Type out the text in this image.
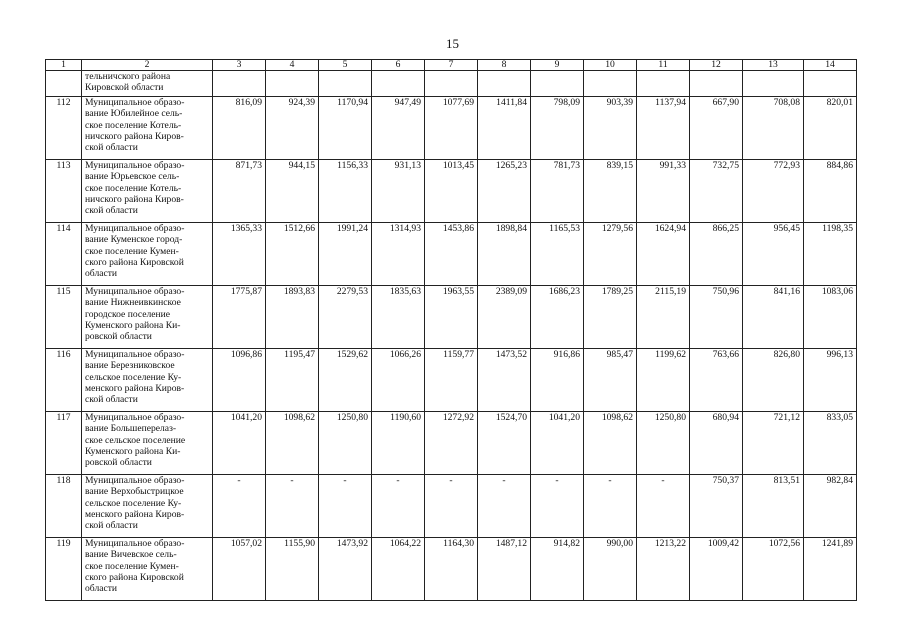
15
1	2	3	4	5	6	7	8	9	10	11	12	13	14

	тельничского района
Кировской области												

112	Муниципальное образо-
вание Юбилейное сель-
ское поселение Котель-
ничского района Киров-
ской области	816,09	924,39	1170,94	947,49	1077,69	1411,84	798,09	903,39	1137,94	667,90	708,08	820,01
113	Муниципальное образо-
вание Юрьевское сель-
ское поселение Котель-
ничского района Киров-
ской области	871,73	944,15	1156,33	931,13	1013,45	1265,23	781,73	839,15	991,33	732,75	772,93	884,86
114	Муниципальное образо-
вание Куменское город-
ское поселение Кумен-
ского района Кировской
области	1365,33	1512,66	1991,24	1314,93	1453,86	1898,84	1165,53	1279,56	1624,94	866,25	956,45	1198,35
115	Муниципальное образо-
вание Нижнеивкинское
городское поселение
Куменского района Ки-
ровской области	1775,87	1893,83	2279,53	1835,63	1963,55	2389,09	1686,23	1789,25	2115,19	750,96	841,16	1083,06
116	Муниципальное образо-
вание Березниковское
сельское поселение Ку-
менского района Киров-
ской области	1096,86	1195,47	1529,62	1066,26	1159,77	1473,52	916,86	985,47	1199,62	763,66	826,80	996,13
117	Муниципальное образо-
вание Большеперелаз-
ское сельское поселение
Куменского района Ки-
ровской области	1041,20	1098,62	1250,80	1190,60	1272,92	1524,70	1041,20	1098,62	1250,80	680,94	721,12	833,05
118	Муниципальное образо-
вание Верхобыстрицкое
сельское поселение Ку-
менского района Киров-
ской области	-	-	-	-	-	-	-	-	-	750,37	813,51	982,84
119	Муниципальное образо-
вание Вичевское сель-
ское поселение Кумен-
ского района Кировской
области	1057,02	1155,90	1473,92	1064,22	1164,30	1487,12	914,82	990,00	1213,22	1009,42	1072,56	1241,89
